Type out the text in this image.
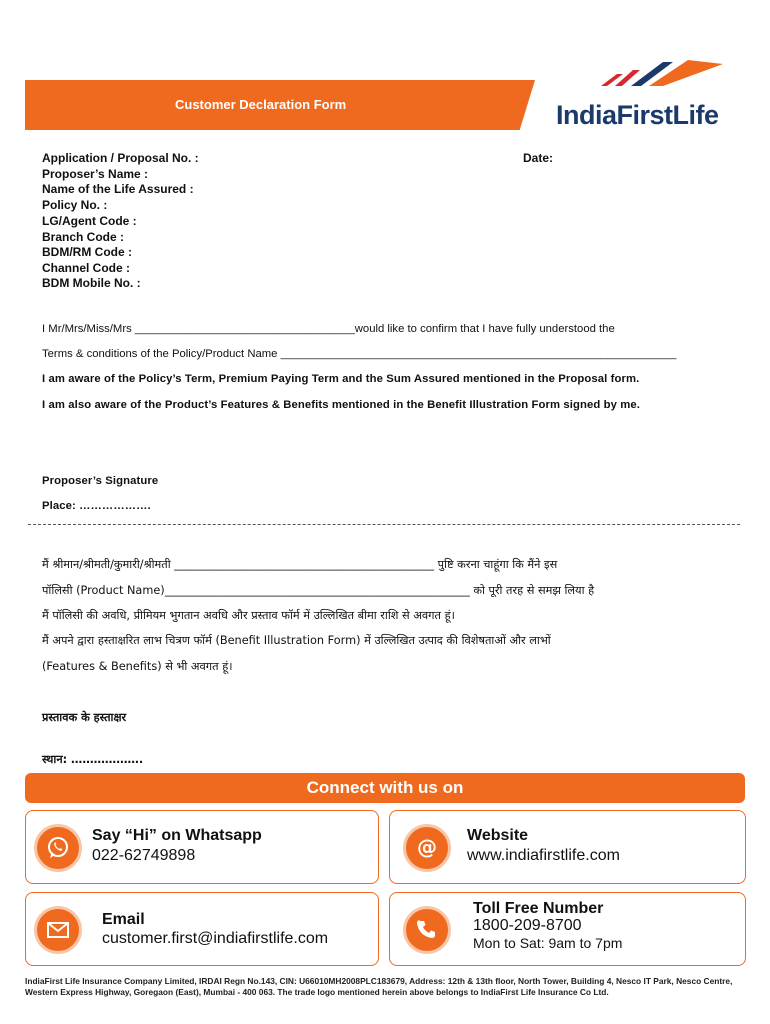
Customer Declaration Form	IndiaFirstLife
Application / Proposal No. :
Proposer’s Name :
Name of the Life Assured :
Policy No. :
LG/Agent Code :
Branch Code :
BDM/RM Code :
Channel Code :
BDM Mobile No. :
Date:
I Mr/Mrs/Miss/Mrs ___________________________________would like to confirm that I have fully understood the
Terms & conditions of the Policy/Product Name _______________________________________________________________
I am aware of the Policy’s Term, Premium Paying Term and the Sum Assured mentioned in the Proposal form.
I am also aware of the Product’s Features & Benefits mentioned in the Benefit Illustration Form signed by me.
Proposer’s Signature
Place: ……………….
मैं श्रीमान/श्रीमती/कुमारी/श्रीमती ______________________________________________ पुष्टि करना चाहूंगा कि मैंने इस
पॉलिसी (Product Name)______________________________________________________ को पूरी तरह से समझ लिया है
मैं पॉलिसी की अवधि, प्रीमियम भुगतान अवधि और प्रस्ताव फॉर्म में उल्लिखित बीमा राशि से अवगत हूं।
मैं अपने द्वारा हस्ताक्षरित लाभ चित्रण फॉर्म (Benefit Illustration Form) में उल्लिखित उत्पाद की विशेषताओं और लाभों
(Features & Benefits) से भी अवगत हूं।
प्रस्तावक के हस्ताक्षर
स्थान: ……………….
Connect with us on
Say “Hi” on Whatsapp
022-62749898	@ Website
www.indiafirstlife.com
Email
customer.first@indiafirstlife.com
Toll Free Number
1800-209-8700
Mon to Sat: 9am to 7pm
IndiaFirst Life Insurance Company Limited, IRDAI Regn No.143, CIN: U66010MH2008PLC183679, Address: 12th & 13th floor, North Tower, Building 4, Nesco IT Park, Nesco Centre, Western Express Highway, Goregaon (East), Mumbai - 400 063. The trade logo mentioned herein above belongs to IndiaFirst Life Insurance Co Ltd.
